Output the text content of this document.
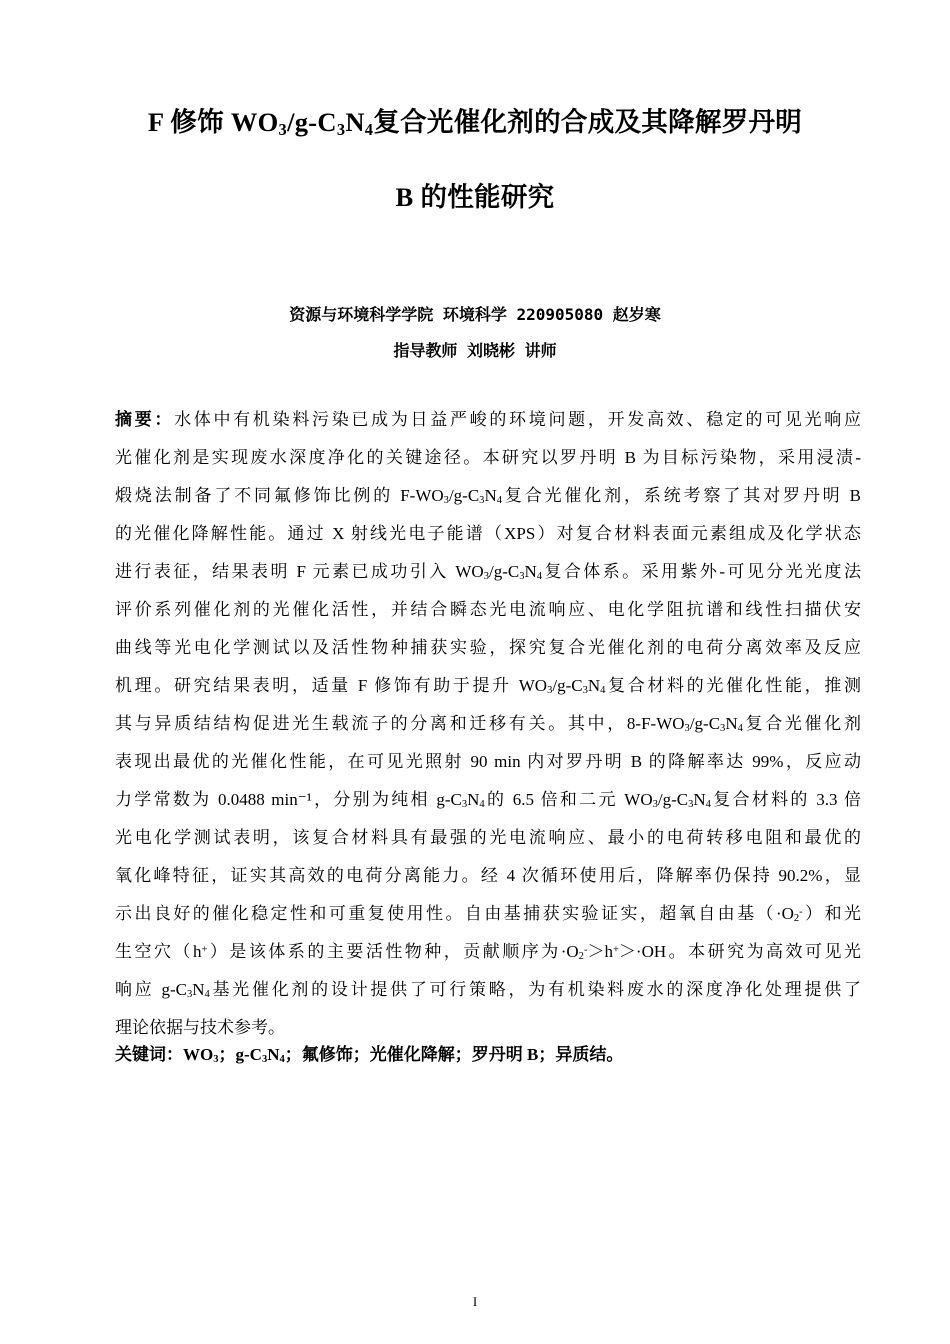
F 修饰 $WO_3/g-C_3N_4$复合光催化剂的合成及其降解罗丹明
B 的性能研究
资源与环境科学学院 环境科学 220905080 赵岁寒
指导教师 刘晓彬 讲师
摘要：水体中有机染料污染已成为日益严峻的环境问题，开发高效、稳定的可见光响应
光催化剂是实现废水深度净化的关键途径。本研究以罗丹明 B 为目标污染物，采用浸渍-
煅烧法制备了不同氟修饰比例的 $F-WO_3/g-C_3N_4$复合光催化剂，系统考察了其对罗丹明 B
的光催化降解性能。通过 X 射线光电子能谱（XPS）对复合材料表面元素组成及化学状态
进行表征，结果表明 F 元素已成功引入 $WO_3/g-C_3N_4$复合体系。采用紫外-可见分光光度法
评价系列催化剂的光催化活性，并结合瞬态光电流响应、电化学阻抗谱和线性扫描伏安
曲线等光电化学测试以及活性物种捕获实验，探究复合光催化剂的电荷分离效率及反应
机理。研究结果表明，适量 F 修饰有助于提升 $WO_3/g-C_3N_4$复合材料的光催化性能，推测
其与异质结结构促进光生载流子的分离和迁移有关。其中，$8-F-WO_3/g-C_3N_4$复合光催化剂
表现出最优的光催化性能，在可见光照射 90 min 内对罗丹明 B 的降解率达 99%，反应动
力学常数为 0.0488 min⁻¹，分别为纯相 $g-C_3N_4$的 6.5 倍和二元 $WO_3/g-C_3N_4$复合材料的 3.3 倍
光电化学测试表明，该复合材料具有最强的光电流响应、最小的电荷转移电阻和最优的
氧化峰特征，证实其高效的电荷分离能力。经 4 次循环使用后，降解率仍保持 90.2%，显
示出良好的催化稳定性和可重复使用性。自由基捕获实验证实，超氧自由基$(\cdot O_2^-)$和光
生空穴（h+）是该体系的主要活性物种，贡献顺序为$\cdot O_2^->h^+>\cdot OH$。本研究为高效可见光
响应 $g-C_3N_4$基光催化剂的设计提供了可行策略，为有机染料废水的深度净化处理提供了
理论依据与技术参考。
关键词：$WO_3$；$g-C_3N_4$；氟修饰；光催化降解；罗丹明 B；异质结。
I
